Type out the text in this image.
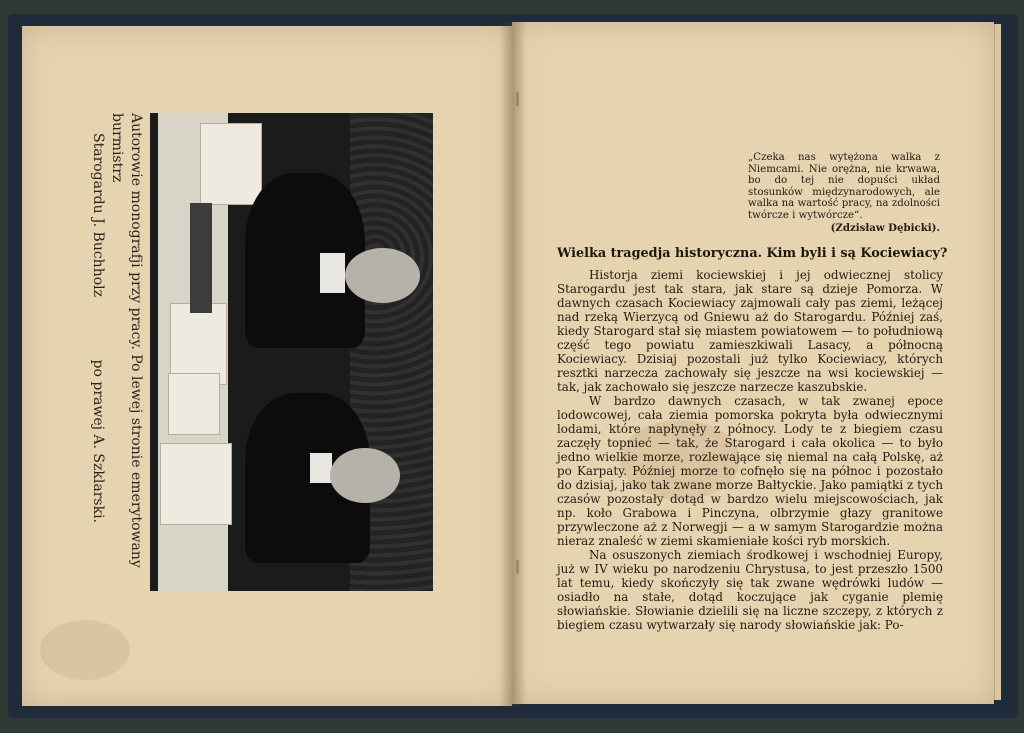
Autorowie monografji przy pracy. Po lewej stronie emerytowany burmistrz
Starogardu J. Buchholz
po prawej A. Szklarski.
„Czeka nas wytężona walka z Niemcami. Nie orężna, nie krwawa, bo do tej nie dopuści układ stosunków międzynarodowych, ale walka na wartość pracy, na zdolności twórcze i wytwórcze“.
(Zdzisław Dębicki).
Wielka tragedja historyczna. Kim byli i są Kociewiacy?

Historja ziemi kociewskiej i jej odwiecznej stolicy Starogardu jest tak stara, jak stare są dzieje Pomorza. W dawnych czasach Kociewiacy zajmowali cały pas ziemi, leżącej nad rzeką Wierzycą od Gniewu aż do Starogardu. Później zaś, kiedy Starogard stał się miastem powiatowem — to południową część tego powiatu zamieszkiwali Lasacy, a północną Kociewiacy. Dzisiaj pozostali już tylko Kociewiacy, których resztki narzecza zachowały się jeszcze na wsi kociewskiej — tak, jak zachowało się jeszcze narzecze kaszubskie.

W bardzo dawnych czasach, w tak zwanej epoce lodowcowej, cała ziemia pomorska pokryta była odwiecznymi lodami, które napłynęły z północy. Lody te z biegiem czasu zaczęły topnieć — tak, że Starogard i cała okolica — to było jedno wielkie morze, rozlewające się niemal na całą Polskę, aż po Karpaty. Później morze to cofnęło się na północ i pozostało do dzisiaj, jako tak zwane morze Bałtyckie. Jako pamiątki z tych czasów pozostały dotąd w bardzo wielu miejscowościach, jak np. koło Grabowa i Pinczyna, olbrzymie głazy granitowe przywleczone aż z Norwegji — a w samym Starogardzie można nieraz znaleść w ziemi skamieniałe kości ryb morskich.

Na osuszonych ziemiach środkowej i wschodniej Europy, już w IV wieku po narodzeniu Chrystusa, to jest przeszło 1500 lat temu, kiedy skończyły się tak zwane wędrówki ludów — osiadło na stałe, dotąd koczujące jak cyganie plemię słowiańskie. Słowianie dzielili się na liczne szczepy, z których z biegiem czasu wytwarzały się narody słowiańskie jak: Po-
